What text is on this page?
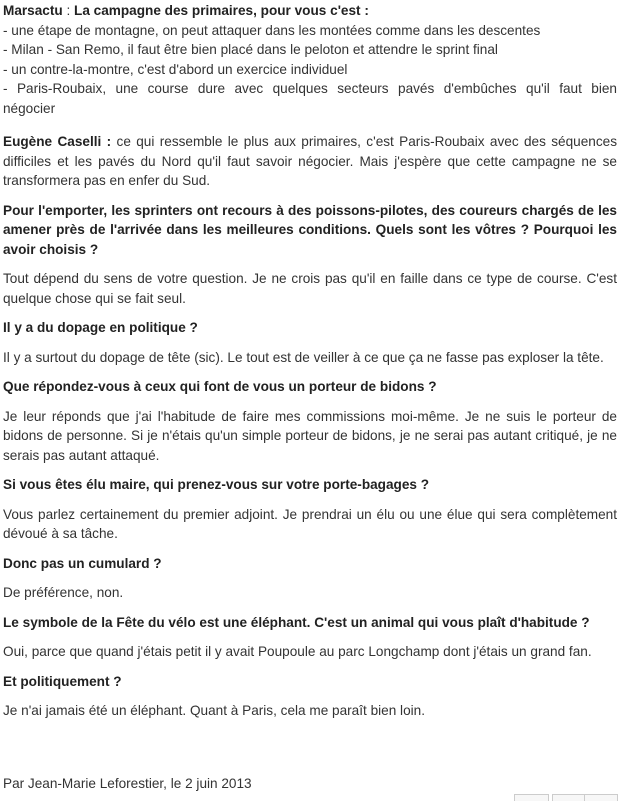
Marsactu : La campagne des primaires, pour vous c'est :
- une étape de montagne, on peut attaquer dans les montées comme dans les descentes
- Milan - San Remo, il faut être bien placé dans le peloton et attendre le sprint final
- un contre-la-montre, c'est d'abord un exercice individuel
- Paris-Roubaix, une course dure avec quelques secteurs pavés d'embûches qu'il faut bien négocier

Eugène Caselli : ce qui ressemble le plus aux primaires, c'est Paris-Roubaix avec des séquences difficiles et les pavés du Nord qu'il faut savoir négocier. Mais j'espère que cette campagne ne se transformera pas en enfer du Sud.

Pour l'emporter, les sprinters ont recours à des poissons-pilotes, des coureurs chargés de les amener près de l'arrivée dans les meilleures conditions. Quels sont les vôtres ? Pourquoi les avoir choisis ?

Tout dépend du sens de votre question. Je ne crois pas qu'il en faille dans ce type de course. C'est quelque chose qui se fait seul.

Il y a du dopage en politique ?

Il y a surtout du dopage de tête (sic). Le tout est de veiller à ce que ça ne fasse pas exploser la tête.

Que répondez-vous à ceux qui font de vous un porteur de bidons ?

Je leur réponds que j'ai l'habitude de faire mes commissions moi-même. Je ne suis le porteur de bidons de personne. Si je n'étais qu'un simple porteur de bidons, je ne serai pas autant critiqué, je ne serais pas autant attaqué.

Si vous êtes élu maire, qui prenez-vous sur votre porte-bagages ?

Vous parlez certainement du premier adjoint. Je prendrai un élu ou une élue qui sera complètement dévoué à sa tâche.

Donc pas un cumulard ?

De préférence, non.

Le symbole de la Fête du vélo est une éléphant. C'est un animal qui vous plaît d'habitude ?

Oui, parce que quand j'étais petit il y avait Poupoule au parc Longchamp dont j'étais un grand fan.

Et politiquement ?

Je n'ai jamais été un éléphant. Quant à Paris, cela me paraît bien loin.

Par Jean-Marie Leforestier, le 2 juin 2013
